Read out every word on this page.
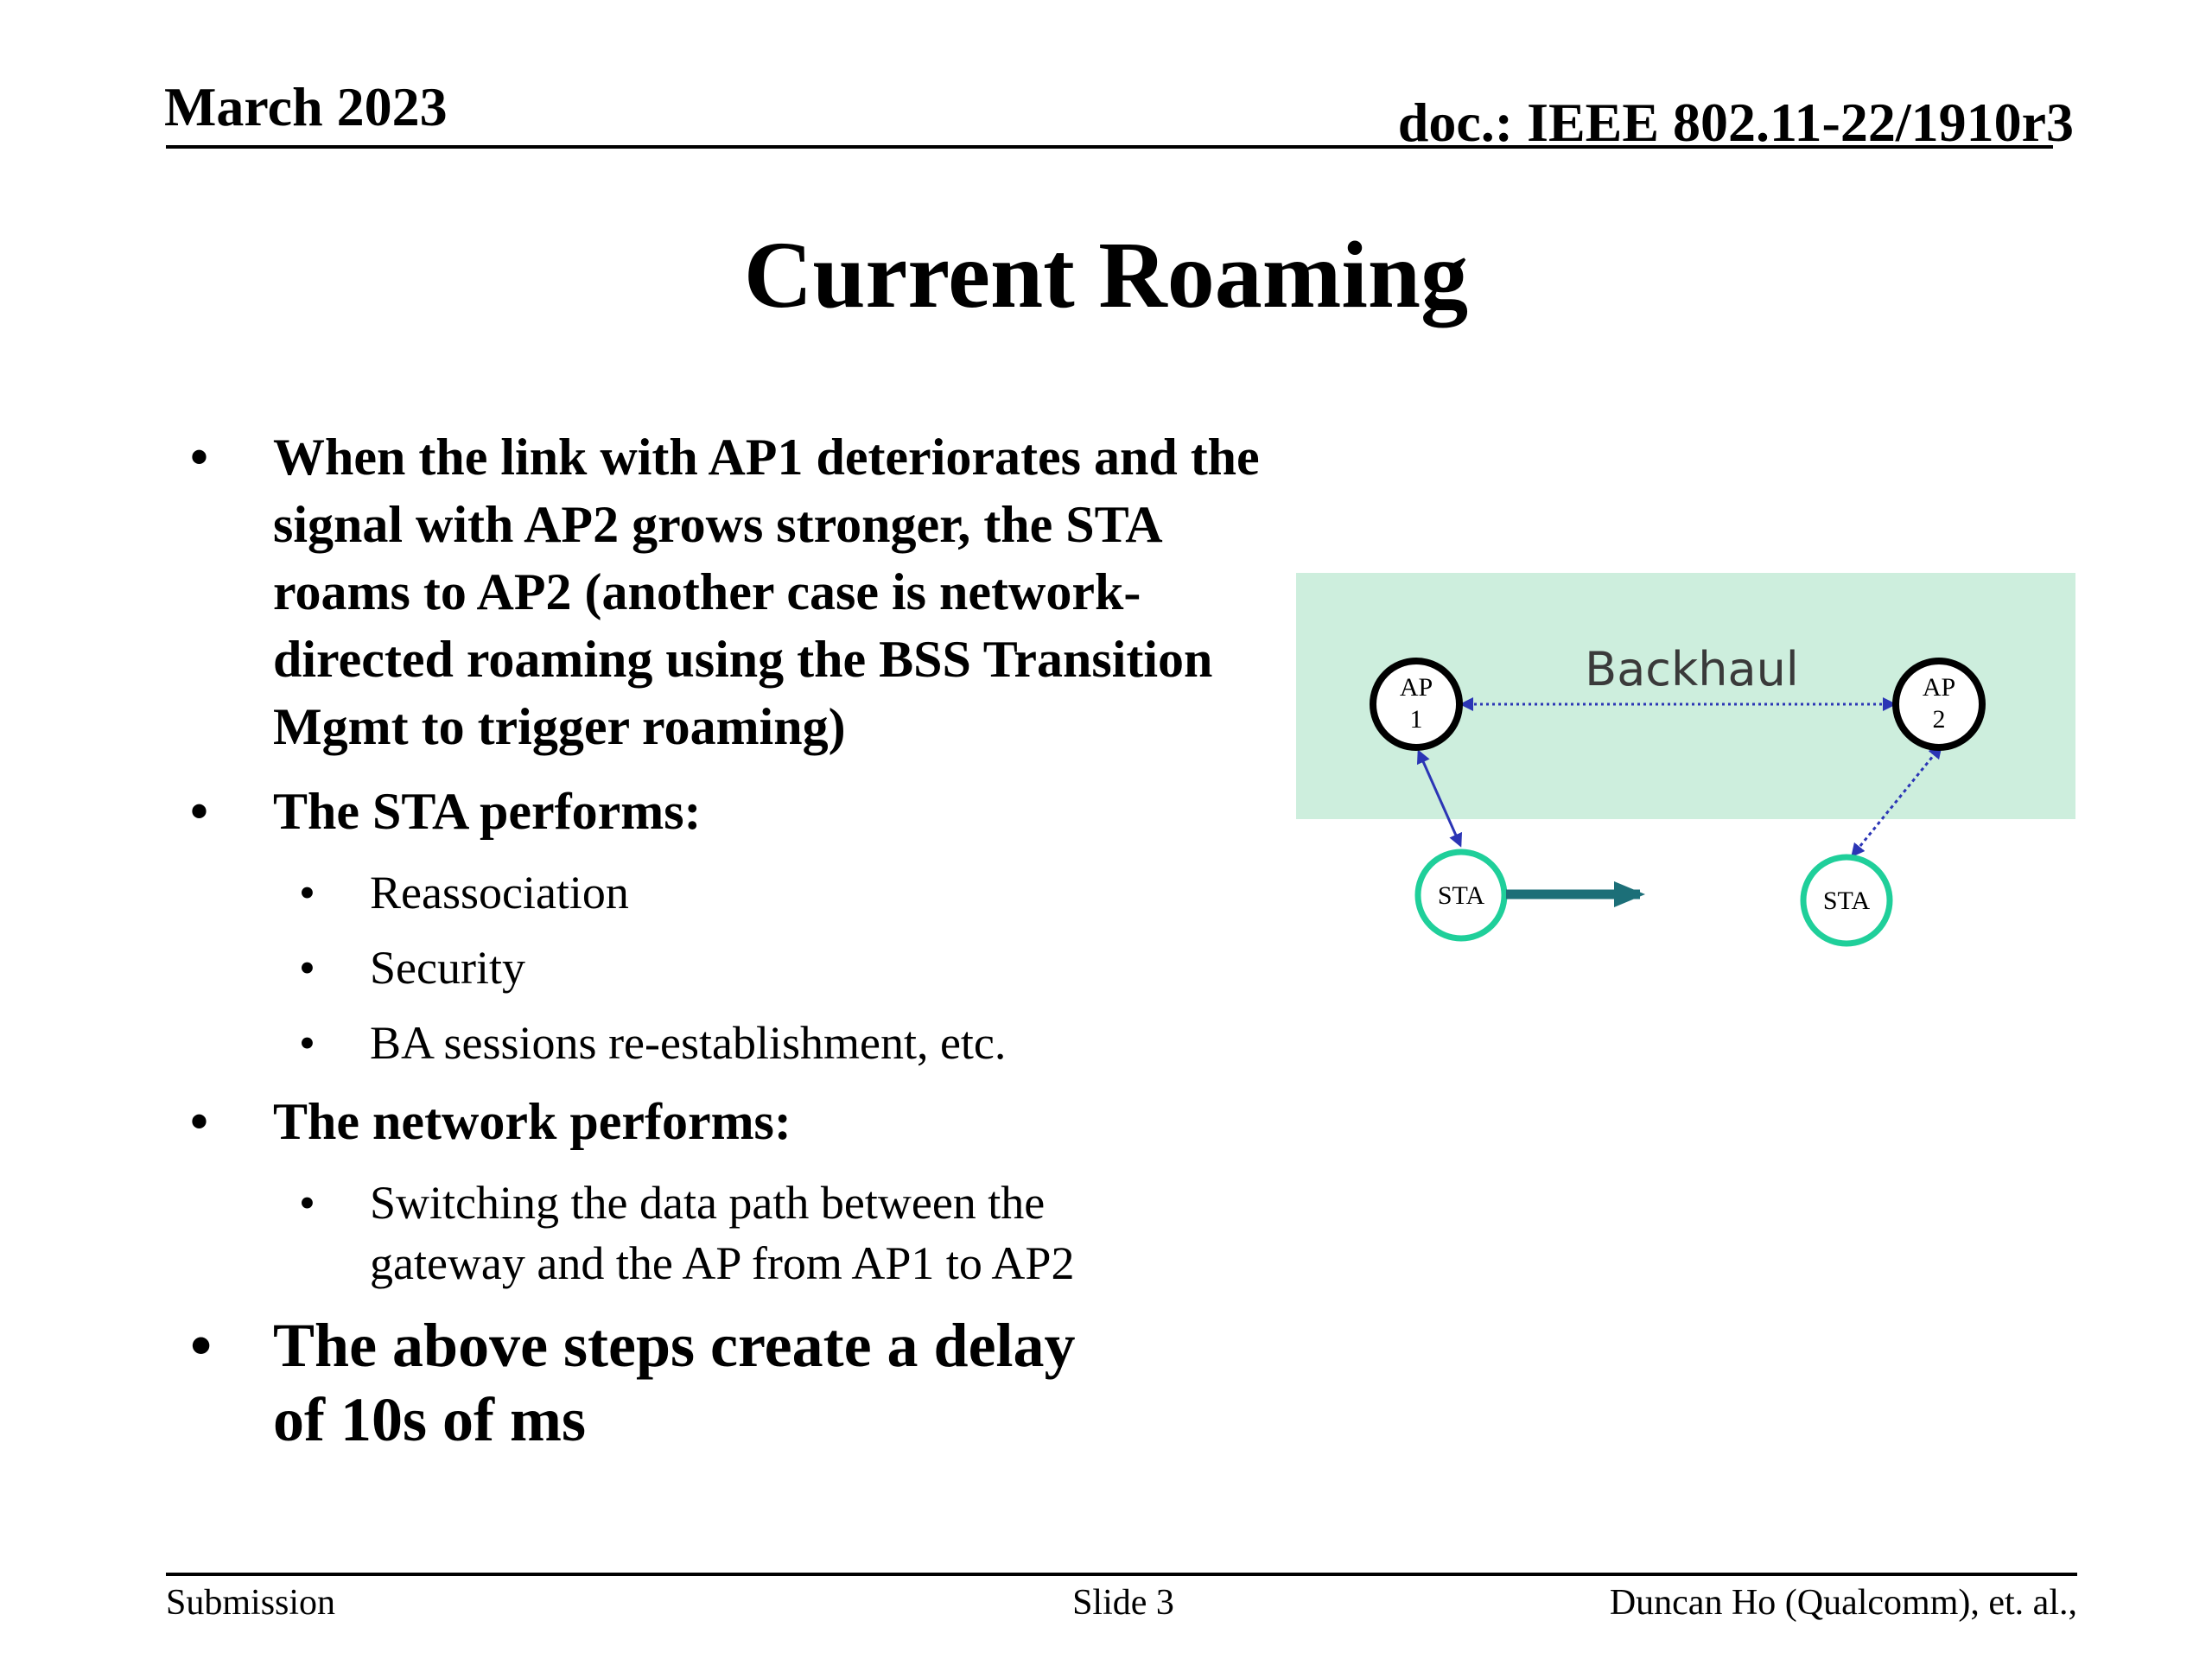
March 2023	doc.: IEEE 802.11-22/1910r3
Current Roaming
• When the link with AP1 deteriorates and the signal with AP2 grows stronger, the STA roams to AP2 (another case is network-directed roaming using the BSS Transition Mgmt to trigger roaming)
• The STA performs:
• Reassociation
• Security
• BA sessions re-establishment, etc.
• The network performs:
• Switching the data path between the gateway and the AP from AP1 to AP2
• The above steps create a delay of 10s of ms
Backhaul
AP
1
AP
2
STA	STA
Submission	Slide 3	Duncan Ho (Qualcomm), et. al.,
